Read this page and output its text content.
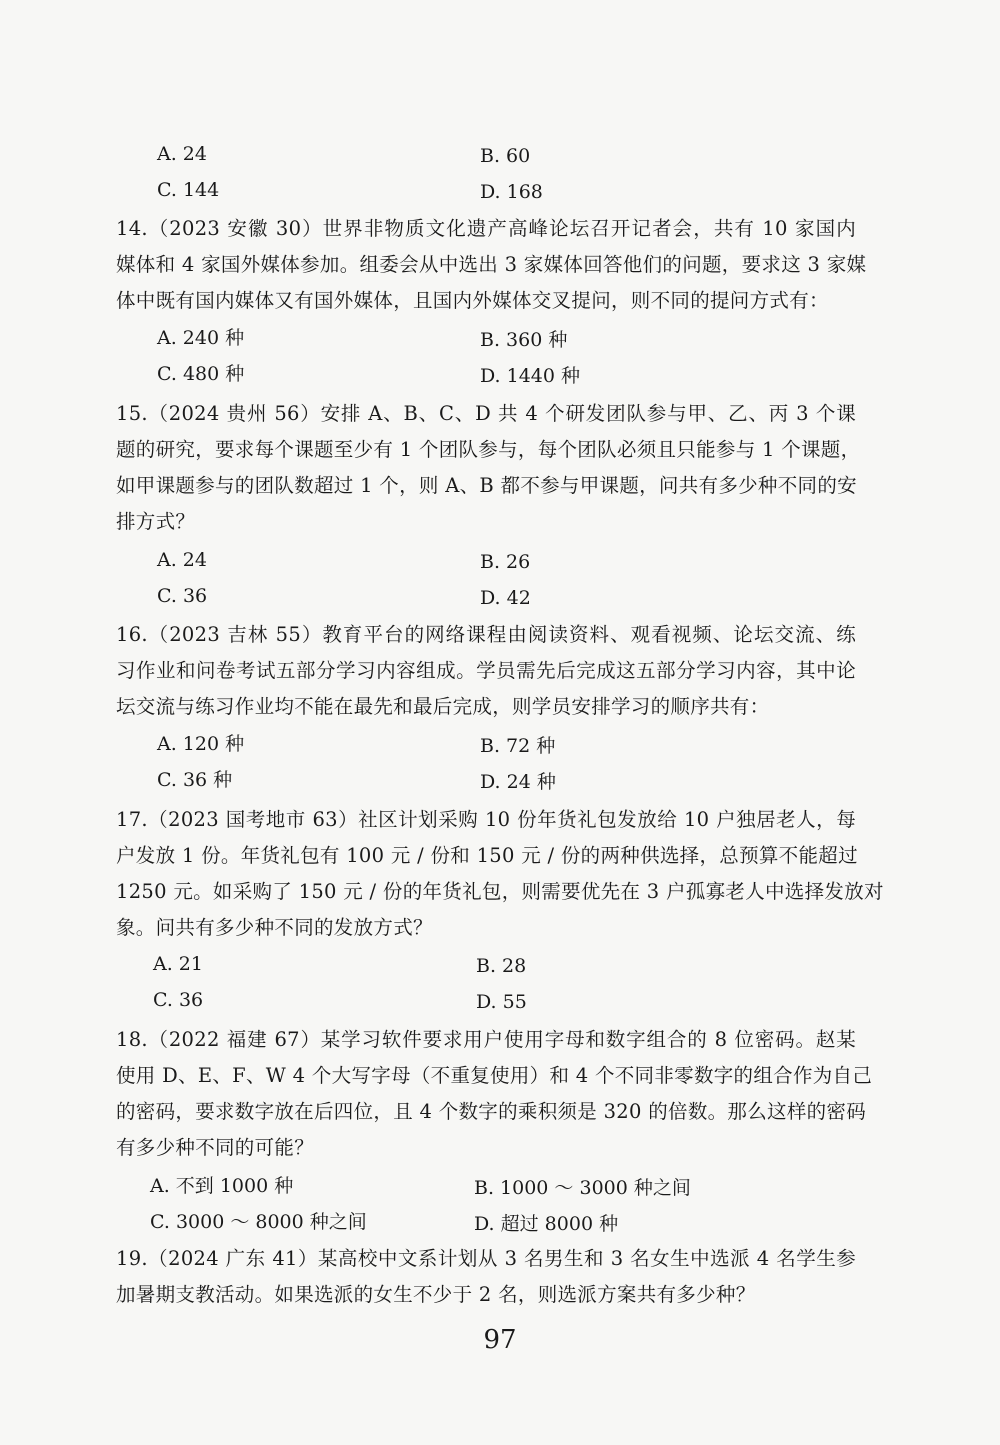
A. 24	B. 60
C. 144	D. 168
14.（2023 安徽 30）世界非物质文化遗产高峰论坛召开记者会，共有 10 家国内
媒体和 4 家国外媒体参加。组委会从中选出 3 家媒体回答他们的问题，要求这 3 家媒
体中既有国内媒体又有国外媒体，且国内外媒体交叉提问，则不同的提问方式有：
A. 240 种	B. 360 种
C. 480 种	D. 1440 种
15.（2024 贵州 56）安排 A、B、C、D 共 4 个研发团队参与甲、乙、丙 3 个课
题的研究，要求每个课题至少有 1 个团队参与，每个团队必须且只能参与 1 个课题，
如甲课题参与的团队数超过 1 个，则 A、B 都不参与甲课题，问共有多少种不同的安
排方式？
A. 24	B. 26
C. 36	D. 42
16.（2023 吉林 55）教育平台的网络课程由阅读资料、观看视频、论坛交流、练
习作业和问卷考试五部分学习内容组成。学员需先后完成这五部分学习内容，其中论
坛交流与练习作业均不能在最先和最后完成，则学员安排学习的顺序共有：
A. 120 种	B. 72 种
C. 36 种	D. 24 种
17.（2023 国考地市 63）社区计划采购 10 份年货礼包发放给 10 户独居老人，每
户发放 1 份。年货礼包有 100 元 / 份和 150 元 / 份的两种供选择，总预算不能超过
1250 元。如采购了 150 元 / 份的年货礼包，则需要优先在 3 户孤寡老人中选择发放对
象。问共有多少种不同的发放方式？
A. 21	B. 28
C. 36	D. 55
18.（2022 福建 67）某学习软件要求用户使用字母和数字组合的 8 位密码。赵某
使用 D、E、F、W 4 个大写字母（不重复使用）和 4 个不同非零数字的组合作为自己
的密码，要求数字放在后四位，且 4 个数字的乘积须是 320 的倍数。那么这样的密码
有多少种不同的可能？
A. 不到 1000 种	B. 1000 ～ 3000 种之间
C. 3000 ～ 8000 种之间	D. 超过 8000 种
19.（2024 广东 41）某高校中文系计划从 3 名男生和 3 名女生中选派 4 名学生参
加暑期支教活动。如果选派的女生不少于 2 名，则选派方案共有多少种？
97
